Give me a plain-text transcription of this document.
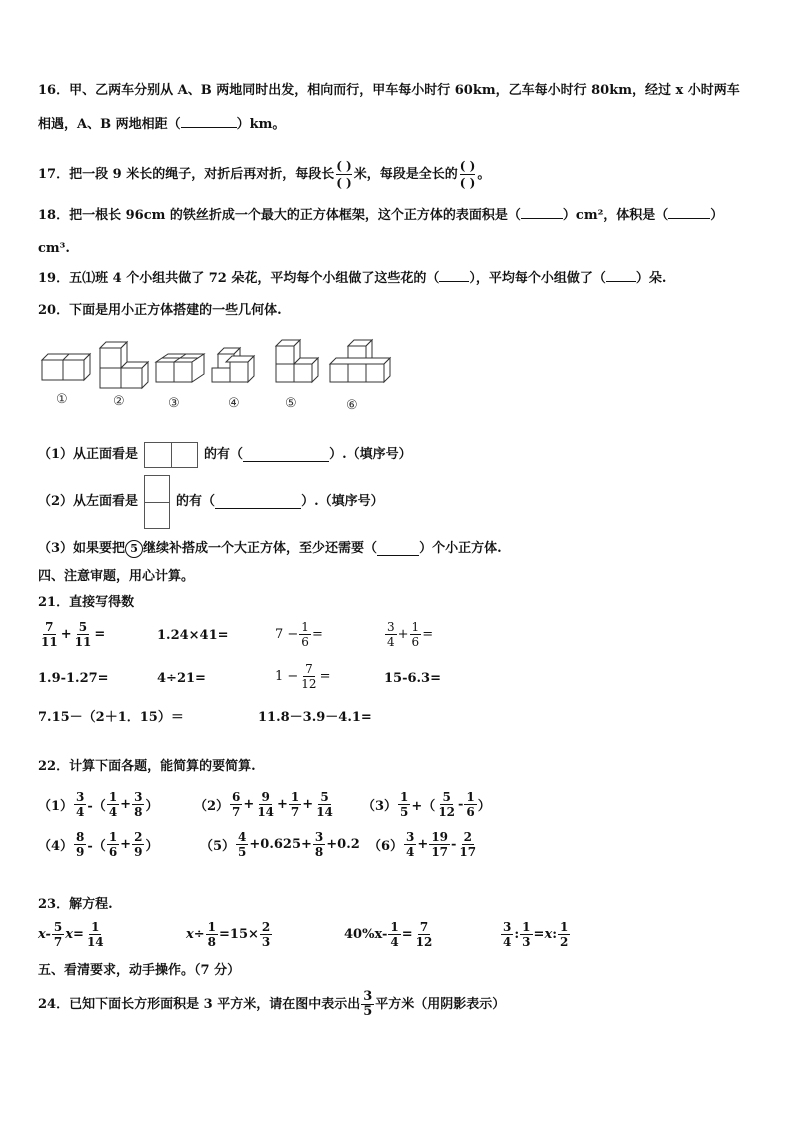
16．甲、乙两车分别从 A、B 两地同时出发，相向而行，甲车每小时行 60km，乙车每小时行 80km，经过 x 小时两车
相遇，A、B 两地相距（	）km。
17．把一段 9 米长的绳子，对折后再对折，每段长
( )
( )
米，每段是全长的
( )
( )
。
18．把一根长 96cm 的铁丝折成一个最大的正方体框架，这个正方体的表面积是（	）cm²，体积是（	）
cm³.
19．五⑴班 4 个小组共做了 72 朵花，平均每个小组做了这些花的（ ），平均每个小组做了（ ）朵.
20．下面是用小正方体搭建的一些几何体.
①	②	③	④	⑤	⑥
（1）从正面看是	的有（	）.（填序号）
（2）从左面看是	的有（	）.（填序号）
（3）如果要把 5 继续补搭成一个大正方体，至少还需要（	）个小正方体.
四、注意审题，用心计算。
21．直接写得数
$\frac{7}{11} + \frac{5}{11}$ =	1.24×41=	$7 - \frac{1}{6}$ =	$\frac{3}{4} + \frac{1}{6}$ =
1.9-1.27=	4÷21=	$1 - \frac{7}{12}$ =	15-6.3=
7.15－（2＋1．15）＝	11.8－3.9－4.1=
22．计算下面各题，能简算的要简算.
$(1) \frac{3}{4}$ -（ $\frac{1}{4} + \frac{3}{8}$ ）	$(2) \frac{6}{7} + \frac{9}{14} + \frac{1}{7} + \frac{5}{14} (3) \frac{1}{5}$ +（ $\frac{5}{12} - \frac{1}{6}$ ）
$(4) \frac{8}{9}$ -（ $\frac{1}{6} + \frac{2}{9}$ ）	$(5) \frac{4}{5} +0.625+ \frac{3}{8} +0.2$ $(6) \frac{3}{4} + \frac{19}{17} - \frac{2}{17}$
23．解方程.
$x- \frac{5}{7} x= \frac{1}{14}$	$x \div \frac{1}{8} =15\times \frac{2}{3}$	$40\%x- \frac{1}{4} = \frac{7}{12}$	$\frac{3}{4}$ : $\frac{1}{3} = x$ : $\frac{1}{2}$
五、看清要求，动手操作。（7 分）
24．已知下面长方形面积是 3 平方米，请在图中表示出 $\frac{3}{5}$ 平方米（用阴影表示）
